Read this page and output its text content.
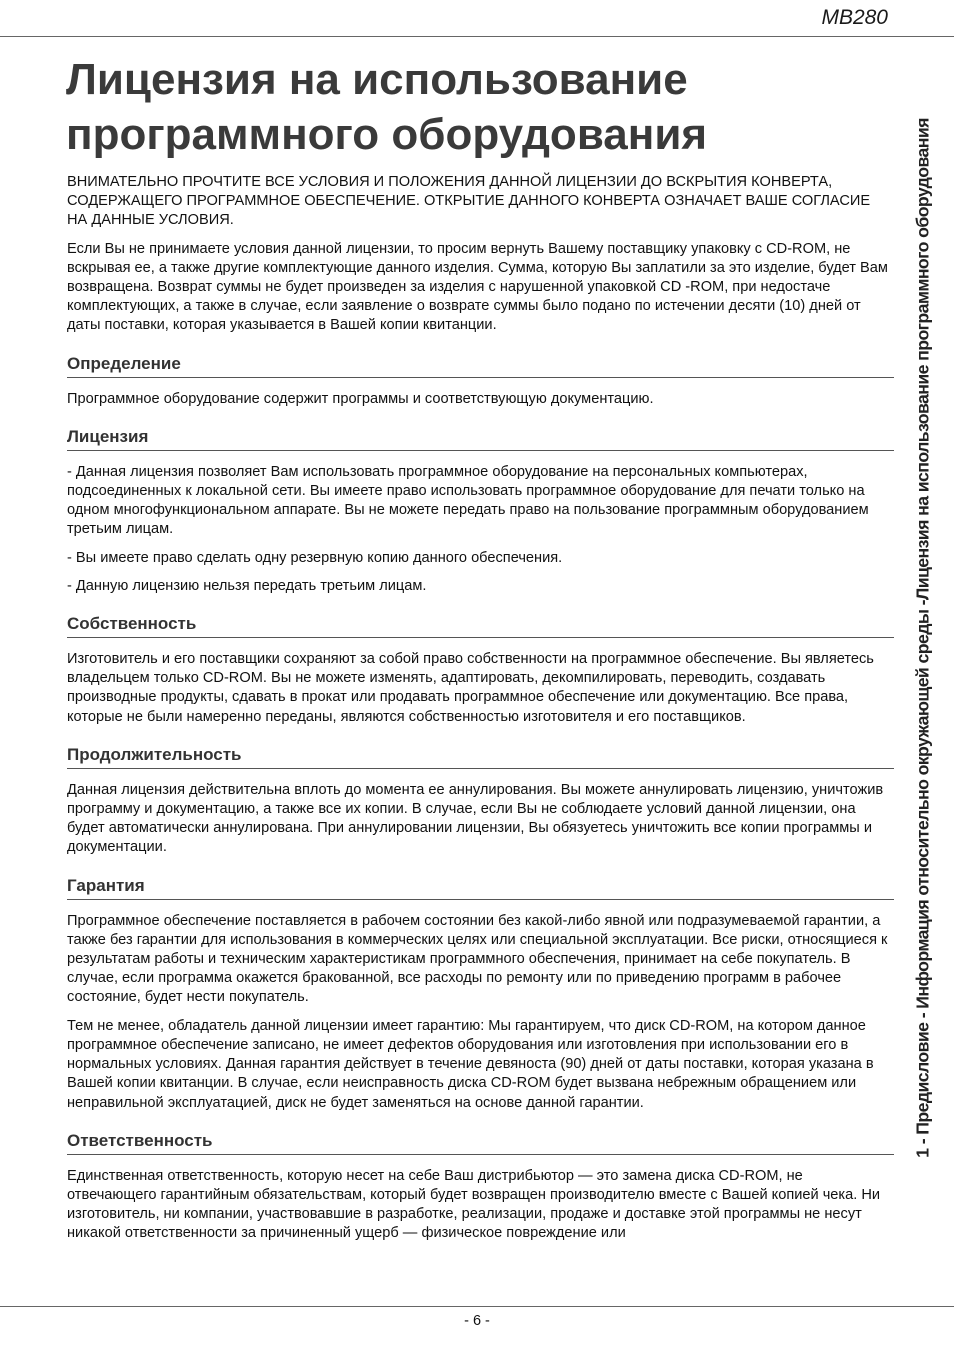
MB280
Лицензия на использование программного оборудования

ВНИМАТЕЛЬНО ПРОЧТИТЕ ВСЕ УСЛОВИЯ И ПОЛОЖЕНИЯ ДАННОЙ ЛИЦЕНЗИИ ДО ВСКРЫТИЯ КОНВЕРТА, СОДЕРЖАЩЕГО ПРОГРАММНОЕ ОБЕСПЕЧЕНИЕ. ОТКРЫТИЕ ДАННОГО КОНВЕРТА ОЗНАЧАЕТ ВАШЕ СОГЛАСИЕ НА ДАННЫЕ УСЛОВИЯ.

Если Вы не принимаете условия данной лицензии, то просим вернуть Вашему поставщику упаковку с CD-ROM, не вскрывая ее, а также другие комплектующие данного изделия. Сумма, которую Вы заплатили за это изделие, будет Вам возвращена. Возврат суммы не будет произведен за изделия с нарушенной упаковкой CD -ROM, при недостаче комплектующих, а также в случае, если заявление о возврате суммы было подано по истечении десяти (10) дней от даты поставки, которая указывается в Вашей копии квитанции.

Определение

Программное оборудование содержит программы и соответствующую документацию.

Лицензия

- Данная лицензия позволяет Вам использовать программное оборудование на персональных компьютерах, подсоединенных к локальной сети. Вы имеете право использовать программное оборудование для печати только на одном многофункциональном аппарате. Вы не можете передать право на пользование программным оборудованием третьим лицам.

- Вы имеете право сделать одну резервную копию данного обеспечения.

- Данную лицензию нельзя передать третьим лицам.

Собственность

Изготовитель и его поставщики сохраняют за собой право собственности на программное обеспечение. Вы являетесь владельцем только CD-ROM. Вы не можете изменять, адаптировать, декомпилировать, переводить, создавать производные продукты, сдавать в прокат или продавать программное обеспечение или документацию. Все права, которые не были намеренно переданы, являются собственностью изготовителя и его поставщиков.

Продолжительность

Данная лицензия действительна вплоть до момента ее аннулирования. Вы можете аннулировать лицензию, уничтожив программу и документацию, а также все их копии. В случае, если Вы не соблюдаете условий данной лицензии, она будет автоматически аннулирована. При аннулировании лицензии, Вы обязуетесь уничтожить все копии программы и документации.

Гарантия

Программное обеспечение поставляется в рабочем состоянии без какой-либо явной или подразумеваемой гарантии, а также без гарантии для использования в коммерческих целях или специальной эксплуатации. Все риски, относящиеся к результатам работы и техническим характеристикам программного обеспечения, принимает на себе покупатель. В случае, если программа окажется бракованной, все расходы по ремонту или по приведению программ в рабочее состояние, будет нести покупатель.

Тем не менее, обладатель данной лицензии имеет гарантию: Мы гарантируем, что диск CD-ROM, на котором данное программное обеспечение записано, не имеет дефектов оборудования или изготовления при использовании его в нормальных условиях. Данная гарантия действует в течение девяноста (90) дней от даты поставки, которая указана в Вашей копии квитанции. В случае, если неисправность диска CD-ROM будет вызвана небрежным обращением или неправильной эксплуатацией, диск не будет заменяться на основе данной гарантии.

Ответственность

Единственная ответственность, которую несет на себе Ваш дистрибьютор — это замена диска CD-ROM, не отвечающего гарантийным обязательствам, который будет возвращен производителю вместе с Вашей копией чека. Ни изготовитель, ни компании, участвовавшие в разработке, реализации, продаже и доставке этой программы не несут никакой ответственности за причиненный ущерб — физическое повреждение или

1 - Предисловие - Информация относительно окружающей среды -Лицензия на использование программного оборудования
- 6 -
